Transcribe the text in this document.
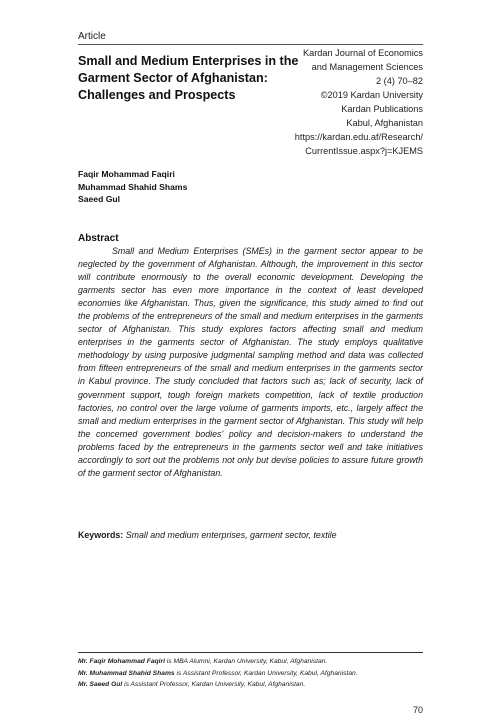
Article
Small and Medium Enterprises in the Garment Sector of Afghanistan: Challenges and Prospects
Kardan Journal of Economics
and Management Sciences
2 (4) 70–82
©2019 Kardan University
Kardan Publications
Kabul, Afghanistan
https://kardan.edu.af/Research/
CurrentIssue.aspx?j=KJEMS
Faqir Mohammad Faqiri
Muhammad Shahid Shams
Saeed Gul
Abstract

Small and Medium Enterprises (SMEs) in the garment sector appear to be neglected by the government of Afghanistan. Although, the improvement in this sector will contribute enormously to the overall economic development. Developing the garments sector has even more importance in the context of least developed economies like Afghanistan. Thus, given the significance, this study aimed to find out the problems of the entrepreneurs of the small and medium enterprises in the garments sector of Afghanistan. This study explores factors affecting small and medium enterprises in the garments sector of Afghanistan. The study employs qualitative methodology by using purposive judgmental sampling method and data was collected from fifteen entrepreneurs of the small and medium enterprises in the garments sector in Kabul province. The study concluded that factors such as; lack of security, lack of government support, tough foreign markets competition, lack of textile production factories, no control over the large volume of garments imports, etc., largely affect the small and medium enterprises in the garment sector of Afghanistan. This study will help the concerned government bodies' policy and decision-makers to understand the problems faced by the entrepreneurs in the garments sector well and take initiatives accordingly to sort out the problems not only but devise policies to assure future growth of the garment sector of Afghanistan.

Keywords: Small and medium enterprises, garment sector, textile
Mr. Faqir Mohammad Faqiri is MBA Alumni, Kardan University, Kabul, Afghanistan.
Mr. Muhammad Shahid Shams is Assistant Professor, Kardan University, Kabul, Afghanistan.
Mr. Saeed Gul is Assistant Professor, Kardan University, Kabul, Afghanistan.
70
